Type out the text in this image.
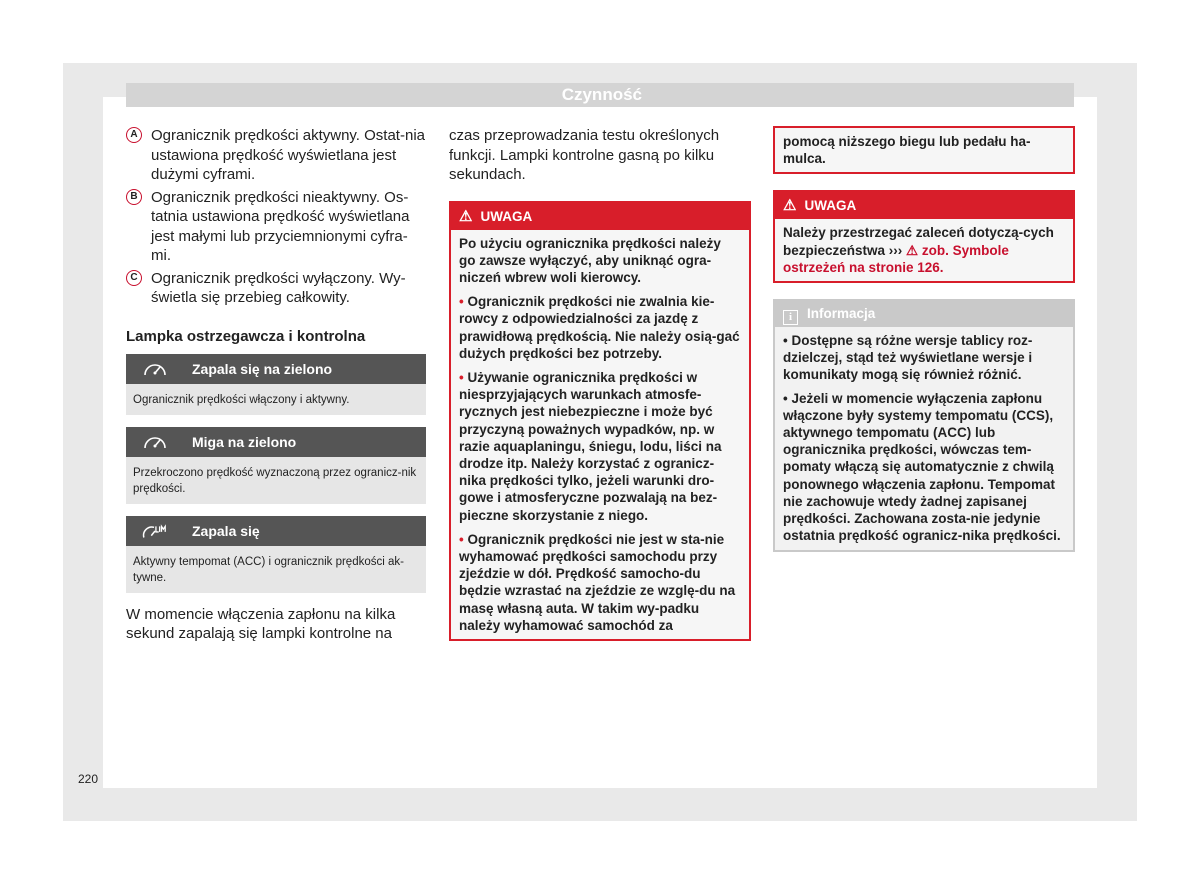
Czynność
A Ogranicznik prędkości aktywny. Ostat-nia ustawiona prędkość wyświetlana jest dużymi cyframi.
B Ogranicznik prędkości nieaktywny. Os-tatnia ustawiona prędkość wyświetlana jest małymi lub przyciemnionymi cyfra-mi.
C Ogranicznik prędkości wyłączony. Wy-świetla się przebieg całkowity.
Lampka ostrzegawcza i kontrolna
Zapala się na zielono
Ogranicznik prędkości włączony i aktywny.
Miga na zielono
Przekroczono prędkość wyznaczoną przez ogranicz-nik prędkości.
Zapala się
Aktywny tempomat (ACC) i ogranicznik prędkości ak-tywne.
W momencie włączenia zapłonu na kilka sekund zapalają się lampki kontrolne na
czas przeprowadzania testu określonych funkcji. Lampki kontrolne gasną po kilku sekundach.
⚠ UWAGA

Po użyciu ogranicznika prędkości należy go zawsze wyłączyć, aby uniknąć ogra-niczeń wbrew woli kierowcy.

• Ogranicznik prędkości nie zwalnia kie-rowcy z odpowiedzialności za jazdę z prawidłową prędkością. Nie należy osią-gać dużych prędkości bez potrzeby.

• Używanie ogranicznika prędkości w niesprzyjających warunkach atmosfe-rycznych jest niebezpieczne i może być przyczyną poważnych wypadków, np. w razie aquaplaningu, śniegu, lodu, liści na drodze itp. Należy korzystać z ogranicz-nika prędkości tylko, jeżeli warunki dro-gowe i atmosferyczne pozwalają na bez-pieczne skorzystanie z niego.

• Ogranicznik prędkości nie jest w sta-nie wyhamować prędkości samochodu przy zjeździe w dół. Prędkość samocho-du będzie wzrastać na zjeździe ze wzglę-du na masę własną auta. W takim wy-padku należy wyhamować samochód za

pomocą niższego biegu lub pedału ha-mulca.
⚠ UWAGA
Należy przestrzegać zaleceń dotyczą-cych bezpieczeństwa ››› ⚠ zob. Symbole ostrzeżeń na stronie 126.
i Informacja

• Dostępne są różne wersje tablicy roz-dzielczej, stąd też wyświetlane wersje i komunikaty mogą się również różnić.

• Jeżeli w momencie wyłączenia zapłonu włączone były systemy tempomatu (CCS), aktywnego tempomatu (ACC) lub ogranicznika prędkości, wówczas tem-pomaty włączą się automatycznie z chwilą ponownego włączenia zapłonu. Tempomat nie zachowuje wtedy żadnej zapisanej prędkości. Zachowana zosta-nie jedynie ostatnia prędkość ogranicz-nika prędkości.

220
